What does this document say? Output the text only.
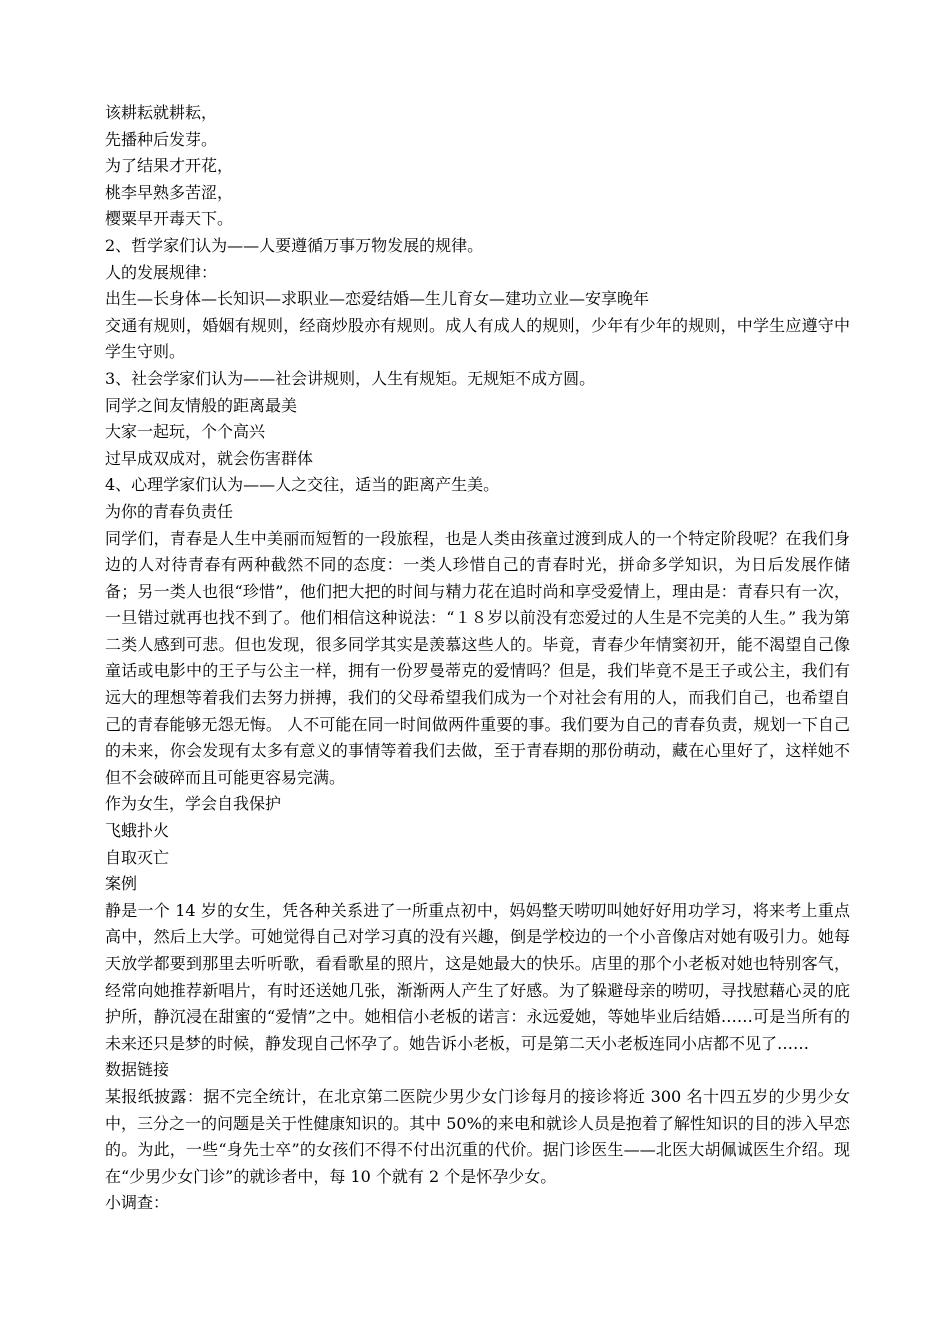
该耕耘就耕耘，

先播种后发芽。

为了结果才开花，

桃李早熟多苦涩，

樱粟早开毒天下。

2、哲学家们认为——人要遵循万事万物发展的规律。

人的发展规律：

出生—长身体—长知识—求职业—恋爱结婚—生儿育女—建功立业—安享晚年

交通有规则，婚姻有规则，经商炒股亦有规则。成人有成人的规则，少年有少年的规则，中学生应遵守中学生守则。

3、社会学家们认为——社会讲规则，人生有规矩。无规矩不成方圆。

同学之间友情般的距离最美

大家一起玩，个个高兴

过早成双成对，就会伤害群体

4、心理学家们认为——人之交往，适当的距离产生美。

为你的青春负责任

同学们，青春是人生中美丽而短暂的一段旅程，也是人类由孩童过渡到成人的一个特定阶段呢？在我们身边的人对待青春有两种截然不同的态度：一类人珍惜自己的青春时光，拼命多学知识，为日后发展作储备；另一类人也很“珍惜”，他们把大把的时间与精力花在追时尚和享受爱情上，理由是：青春只有一次，一旦错过就再也找不到了。他们相信这种说法：“１８岁以前没有恋爱过的人生是不完美的人生。” 我为第二类人感到可悲。但也发现，很多同学其实是羡慕这些人的。毕竟，青春少年情窦初开，能不渴望自己像童话或电影中的王子与公主一样，拥有一份罗曼蒂克的爱情吗？但是，我们毕竟不是王子或公主，我们有远大的理想等着我们去努力拼搏，我们的父母希望我们成为一个对社会有用的人，而我们自己，也希望自己的青春能够无怨无悔。 人不可能在同一时间做两件重要的事。我们要为自己的青春负责，规划一下自己的未来，你会发现有太多有意义的事情等着我们去做，至于青春期的那份萌动，藏在心里好了，这样她不但不会破碎而且可能更容易完满。

作为女生，学会自我保护

飞蛾扑火

自取灭亡

案例

静是一个 14 岁的女生，凭各种关系进了一所重点初中，妈妈整天唠叨叫她好好用功学习，将来考上重点高中，然后上大学。可她觉得自己对学习真的没有兴趣，倒是学校边的一个小音像店对她有吸引力。她每天放学都要到那里去听听歌，看看歌星的照片，这是她最大的快乐。店里的那个小老板对她也特别客气，经常向她推荐新唱片，有时还送她几张，渐渐两人产生了好感。为了躲避母亲的唠叨，寻找慰藉心灵的庇护所，静沉浸在甜蜜的“爱情”之中。她相信小老板的诺言：永远爱她，等她毕业后结婚……可是当所有的未来还只是梦的时候，静发现自己怀孕了。她告诉小老板，可是第二天小老板连同小店都不见了……

数据链接

某报纸披露：据不完全统计，在北京第二医院少男少女门诊每月的接诊将近 300 名十四五岁的少男少女中，三分之一的问题是关于性健康知识的。其中 50%的来电和就诊人员是抱着了解性知识的目的涉入早恋的。为此，一些“身先士卒”的女孩们不得不付出沉重的代价。据门诊医生——北医大胡佩诚医生介绍。现在“少男少女门诊”的就诊者中，每 10 个就有 2 个是怀孕少女。

小调查：
